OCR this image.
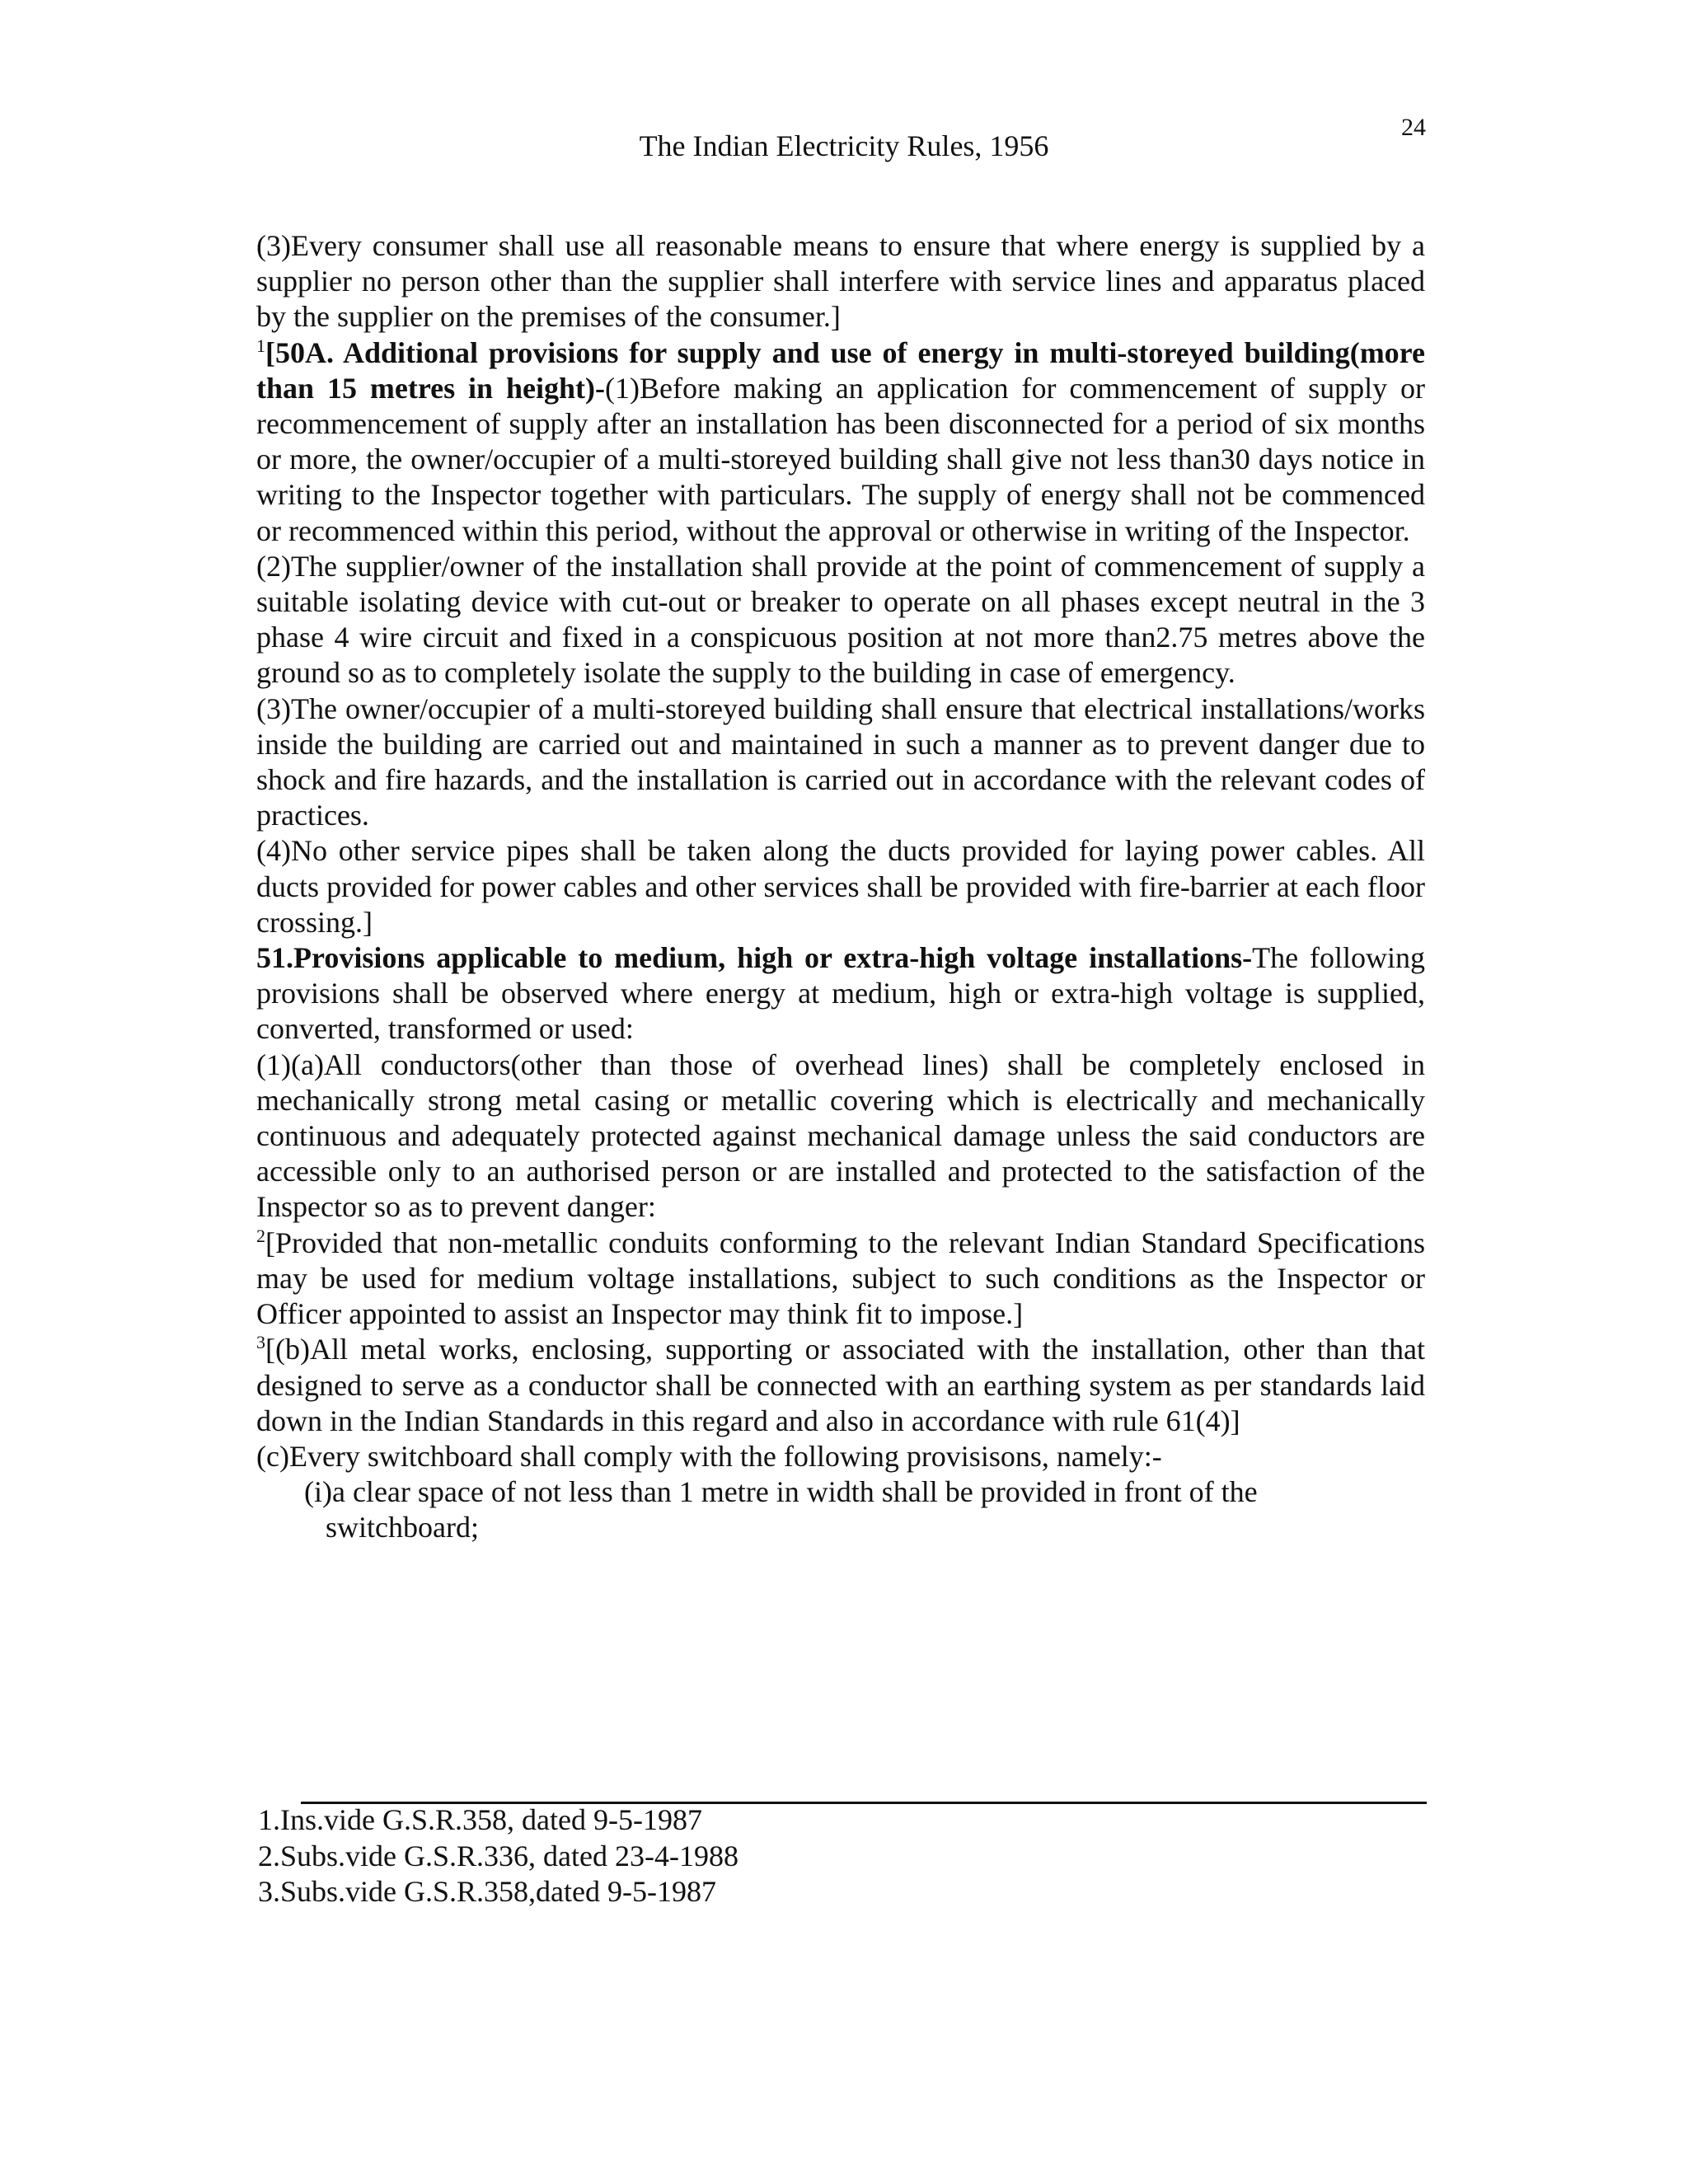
24
The Indian Electricity Rules, 1956

(3)Every consumer shall use all reasonable means to ensure that where energy is supplied by a supplier no person other than the supplier shall interfere with service lines and apparatus placed by the supplier on the premises of the consumer.]

$^1$[50A. Additional provisions for supply and use of energy in multi-storeyed building(more than 15 metres in height)-(1)Before making an application for commencement of supply or recommencement of supply after an installation has been disconnected for a period of six months or more, the owner/occupier of a multi-storeyed building shall give not less than30 days notice in writing to the Inspector together with particulars. The supply of energy shall not be commenced or recommenced within this period, without the approval or otherwise in writing of the Inspector.

(2)The supplier/owner of the installation shall provide at the point of commencement of supply a suitable isolating device with cut-out or breaker to operate on all phases except neutral in the 3 phase 4 wire circuit and fixed in a conspicuous position at not more than2.75 metres above the ground so as to completely isolate the supply to the building in case of emergency.

(3)The owner/occupier of a multi-storeyed building shall ensure that electrical installations/works inside the building are carried out and maintained in such a manner as to prevent danger due to shock and fire hazards, and the installation is carried out in accordance with the relevant codes of practices.

(4)No other service pipes shall be taken along the ducts provided for laying power cables. All ducts provided for power cables and other services shall be provided with fire-barrier at each floor crossing.]

51.Provisions applicable to medium, high or extra-high voltage installations-The following provisions shall be observed where energy at medium, high or extra-high voltage is supplied, converted, transformed or used:

(1)(a)All conductors(other than those of overhead lines) shall be completely enclosed in mechanically strong metal casing or metallic covering which is electrically and mechanically continuous and adequately protected against mechanical damage unless the said conductors are accessible only to an authorised person or are installed and protected to the satisfaction of the Inspector so as to prevent danger:

$^2$[Provided that non-metallic conduits conforming to the relevant Indian Standard Specifications may be used for medium voltage installations, subject to such conditions as the Inspector or Officer appointed to assist an Inspector may think fit to impose.]

$^3$[(b)All metal works, enclosing, supporting or associated with the installation, other than that designed to serve as a conductor shall be connected with an earthing system as per standards laid down in the Indian Standards in this regard and also in accordance with rule 61(4)]

(c)Every switchboard shall comply with the following provisisons, namely:-

(i)a clear space of not less than 1 metre in width shall be provided in front of the
switchboard;

1.Ins.vide G.S.R.358, dated 9-5-1987
2.Subs.vide G.S.R.336, dated 23-4-1988
3.Subs.vide G.S.R.358,dated 9-5-1987
